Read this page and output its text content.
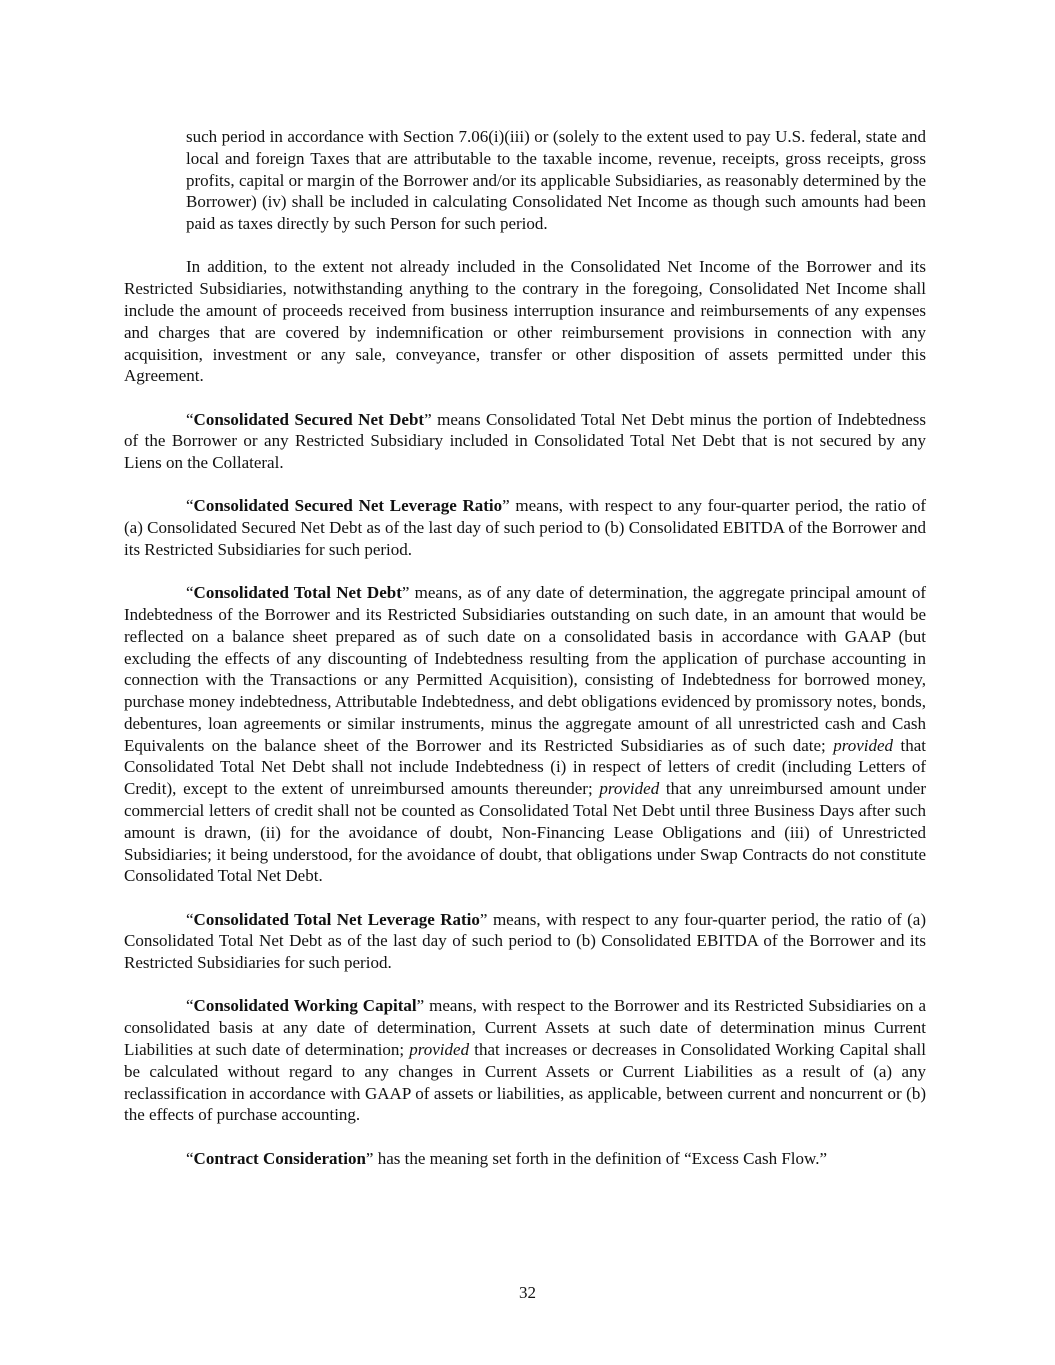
such period in accordance with Section 7.06(i)(iii) or (solely to the extent used to pay U.S. federal, state and local and foreign Taxes that are attributable to the taxable income, revenue, receipts, gross receipts, gross profits, capital or margin of the Borrower and/or its applicable Subsidiaries, as reasonably determined by the Borrower) (iv) shall be included in calculating Consolidated Net Income as though such amounts had been paid as taxes directly by such Person for such period.

In addition, to the extent not already included in the Consolidated Net Income of the Borrower and its Restricted Subsidiaries, notwithstanding anything to the contrary in the foregoing, Consolidated Net Income shall include the amount of proceeds received from business interruption insurance and reimbursements of any expenses and charges that are covered by indemnification or other reimbursement provisions in connection with any acquisition, investment or any sale, conveyance, transfer or other disposition of assets permitted under this Agreement.

“Consolidated Secured Net Debt” means Consolidated Total Net Debt minus the portion of Indebtedness of the Borrower or any Restricted Subsidiary included in Consolidated Total Net Debt that is not secured by any Liens on the Collateral.

“Consolidated Secured Net Leverage Ratio” means, with respect to any four-quarter period, the ratio of (a) Consolidated Secured Net Debt as of the last day of such period to (b) Consolidated EBITDA of the Borrower and its Restricted Subsidiaries for such period.

“Consolidated Total Net Debt” means, as of any date of determination, the aggregate principal amount of Indebtedness of the Borrower and its Restricted Subsidiaries outstanding on such date, in an amount that would be reflected on a balance sheet prepared as of such date on a consolidated basis in accordance with GAAP (but excluding the effects of any discounting of Indebtedness resulting from the application of purchase accounting in connection with the Transactions or any Permitted Acquisition), consisting of Indebtedness for borrowed money, purchase money indebtedness, Attributable Indebtedness, and debt obligations evidenced by promissory notes, bonds, debentures, loan agreements or similar instruments, minus the aggregate amount of all unrestricted cash and Cash Equivalents on the balance sheet of the Borrower and its Restricted Subsidiaries as of such date; provided that Consolidated Total Net Debt shall not include Indebtedness (i) in respect of letters of credit (including Letters of Credit), except to the extent of unreimbursed amounts thereunder; provided that any unreimbursed amount under commercial letters of credit shall not be counted as Consolidated Total Net Debt until three Business Days after such amount is drawn, (ii) for the avoidance of doubt, Non-Financing Lease Obligations and (iii) of Unrestricted Subsidiaries; it being understood, for the avoidance of doubt, that obligations under Swap Contracts do not constitute Consolidated Total Net Debt.

“Consolidated Total Net Leverage Ratio” means, with respect to any four-quarter period, the ratio of (a) Consolidated Total Net Debt as of the last day of such period to (b) Consolidated EBITDA of the Borrower and its Restricted Subsidiaries for such period.

“Consolidated Working Capital” means, with respect to the Borrower and its Restricted Subsidiaries on a consolidated basis at any date of determination, Current Assets at such date of determination minus Current Liabilities at such date of determination; provided that increases or decreases in Consolidated Working Capital shall be calculated without regard to any changes in Current Assets or Current Liabilities as a result of (a) any reclassification in accordance with GAAP of assets or liabilities, as applicable, between current and noncurrent or (b) the effects of purchase accounting.

“Contract Consideration” has the meaning set forth in the definition of “Excess Cash Flow.”

32
